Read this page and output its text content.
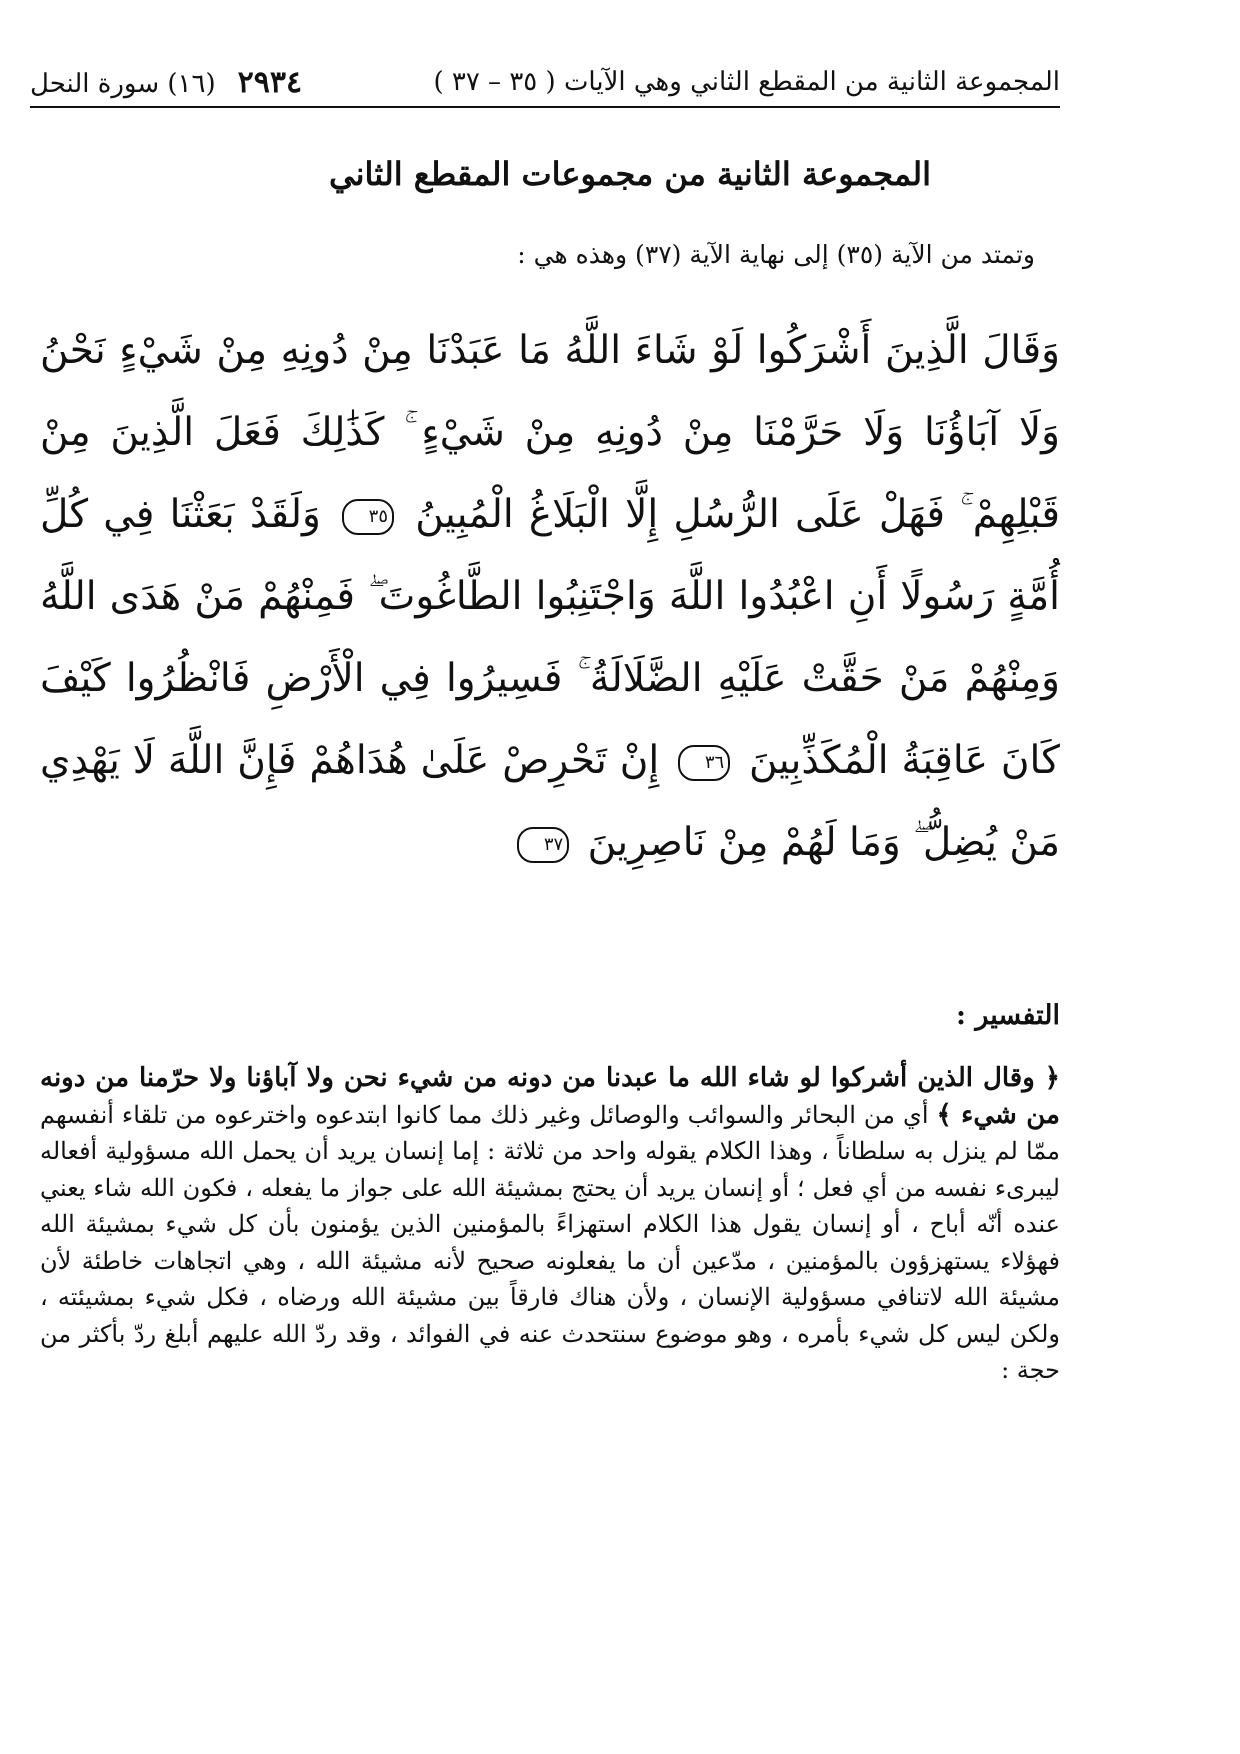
٢٩٣٤
(١٦) سورة النحل	المجموعة الثانية من المقطع الثاني وهي الآيات ( ٣٥ – ٣٧ )
المجموعة الثانية من مجموعات المقطع الثاني
وتمتد من الآية (٣٥) إلى نهاية الآية (٣٧) وهذه هي :
وَقَالَ الَّذِينَ أَشْرَكُوا لَوْ شَاءَ اللَّهُ مَا عَبَدْنَا مِنْ دُونِهِ مِنْ شَيْءٍ نَحْنُ وَلَا آبَاؤُنَا وَلَا حَرَّمْنَا مِنْ دُونِهِ مِنْ شَيْءٍ ۚ كَذَٰلِكَ فَعَلَ الَّذِينَ مِنْ قَبْلِهِمْ ۚ فَهَلْ عَلَى الرُّسُلِ إِلَّا الْبَلَاغُ الْمُبِينُ ٣٥ وَلَقَدْ بَعَثْنَا فِي كُلِّ أُمَّةٍ رَسُولًا أَنِ اعْبُدُوا اللَّهَ وَاجْتَنِبُوا الطَّاغُوتَ ۖ فَمِنْهُمْ مَنْ هَدَى اللَّهُ وَمِنْهُمْ مَنْ حَقَّتْ عَلَيْهِ الضَّلَالَةُ ۚ فَسِيرُوا فِي الْأَرْضِ فَانْظُرُوا كَيْفَ كَانَ عَاقِبَةُ الْمُكَذِّبِينَ ٣٦ إِنْ تَحْرِصْ عَلَىٰ هُدَاهُمْ فَإِنَّ اللَّهَ لَا يَهْدِي مَنْ يُضِلُّ ۖ وَمَا لَهُمْ مِنْ نَاصِرِينَ ٣٧
التفسير :
﴿ وقال الذين أشركوا لو شاء الله ما عبدنا من دونه من شيء نحن ولا آباؤنا ولا حرّمنا من دونه من شيء ﴾ أي من البحائر والسوائب والوصائل وغير ذلك مما كانوا ابتدعوه واخترعوه من تلقاء أنفسهم ممّا لم ينزل به سلطاناً ، وهذا الكلام يقوله واحد من ثلاثة : إما إنسان يريد أن يحمل الله مسؤولية أفعاله ليبرىء نفسه من أي فعل ؛ أو إنسان يريد أن يحتج بمشيئة الله على جواز ما يفعله ، فكون الله شاء يعني عنده أنّه أباح ، أو إنسان يقول هذا الكلام استهزاءً بالمؤمنين الذين يؤمنون بأن كل شيء بمشيئة الله فهؤلاء يستهزؤون بالمؤمنين ، مدّعين أن ما يفعلونه صحيح لأنه مشيئة الله ، وهي اتجاهات خاطئة لأن مشيئة الله لاتنافي مسؤولية الإنسان ، ولأن هناك فارقاً بين مشيئة الله ورضاه ، فكل شيء بمشيئته ، ولكن ليس كل شيء بأمره ، وهو موضوع سنتحدث عنه في الفوائد ، وقد ردّ الله عليهم أبلغ ردّ بأكثر من حجة :
